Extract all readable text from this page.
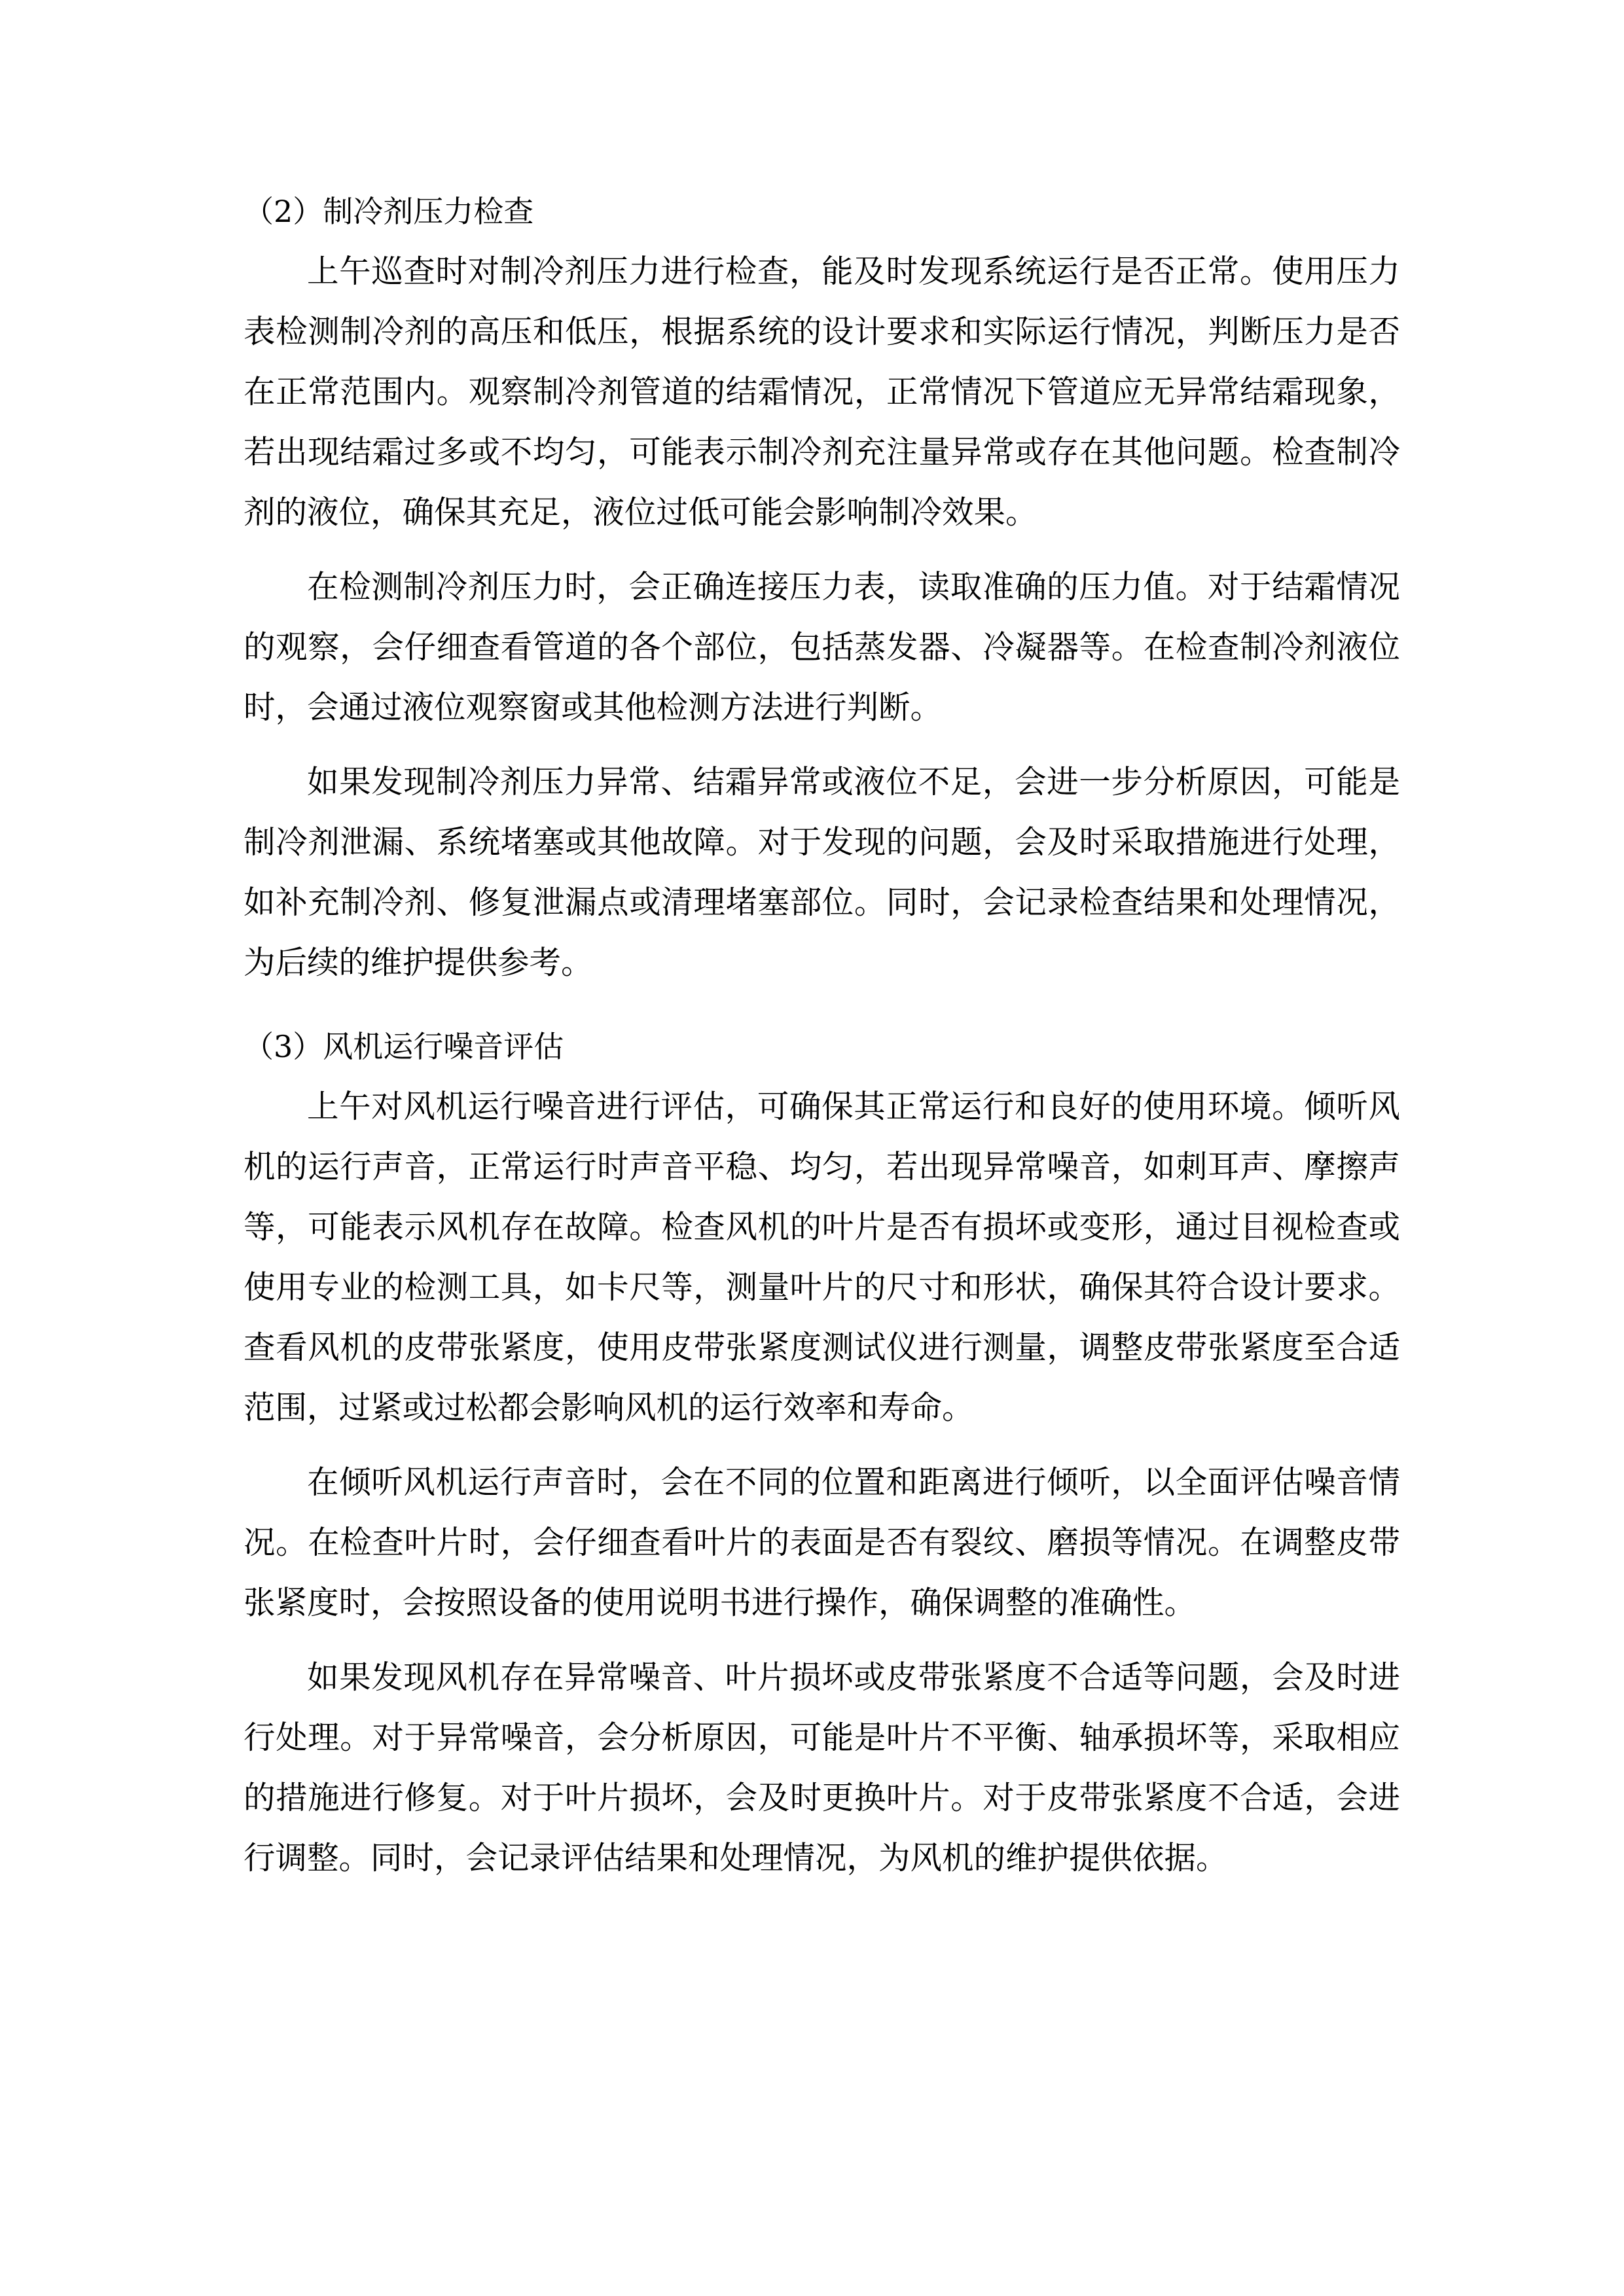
（2）制冷剂压力检查

上午巡查时对制冷剂压力进行检查，能及时发现系统运行是否正常。使用压力表检测制冷剂的高压和低压，根据系统的设计要求和实际运行情况，判断压力是否在正常范围内。观察制冷剂管道的结霜情况，正常情况下管道应无异常结霜现象，若出现结霜过多或不均匀，可能表示制冷剂充注量异常或存在其他问题。检查制冷剂的液位，确保其充足，液位过低可能会影响制冷效果。

在检测制冷剂压力时，会正确连接压力表，读取准确的压力值。对于结霜情况的观察，会仔细查看管道的各个部位，包括蒸发器、冷凝器等。在检查制冷剂液位时，会通过液位观察窗或其他检测方法进行判断。

如果发现制冷剂压力异常、结霜异常或液位不足，会进一步分析原因，可能是制冷剂泄漏、系统堵塞或其他故障。对于发现的问题，会及时采取措施进行处理，如补充制冷剂、修复泄漏点或清理堵塞部位。同时，会记录检查结果和处理情况，为后续的维护提供参考。

（3）风机运行噪音评估

上午对风机运行噪音进行评估，可确保其正常运行和良好的使用环境。倾听风机的运行声音，正常运行时声音平稳、均匀，若出现异常噪音，如刺耳声、摩擦声等，可能表示风机存在故障。检查风机的叶片是否有损坏或变形，通过目视检查或使用专业的检测工具，如卡尺等，测量叶片的尺寸和形状，确保其符合设计要求。查看风机的皮带张紧度，使用皮带张紧度测试仪进行测量，调整皮带张紧度至合适范围，过紧或过松都会影响风机的运行效率和寿命。

在倾听风机运行声音时，会在不同的位置和距离进行倾听，以全面评估噪音情况。在检查叶片时，会仔细查看叶片的表面是否有裂纹、磨损等情况。在调整皮带张紧度时，会按照设备的使用说明书进行操作，确保调整的准确性。

如果发现风机存在异常噪音、叶片损坏或皮带张紧度不合适等问题，会及时进行处理。对于异常噪音，会分析原因，可能是叶片不平衡、轴承损坏等，采取相应的措施进行修复。对于叶片损坏，会及时更换叶片。对于皮带张紧度不合适，会进行调整。同时，会记录评估结果和处理情况，为风机的维护提供依据。
